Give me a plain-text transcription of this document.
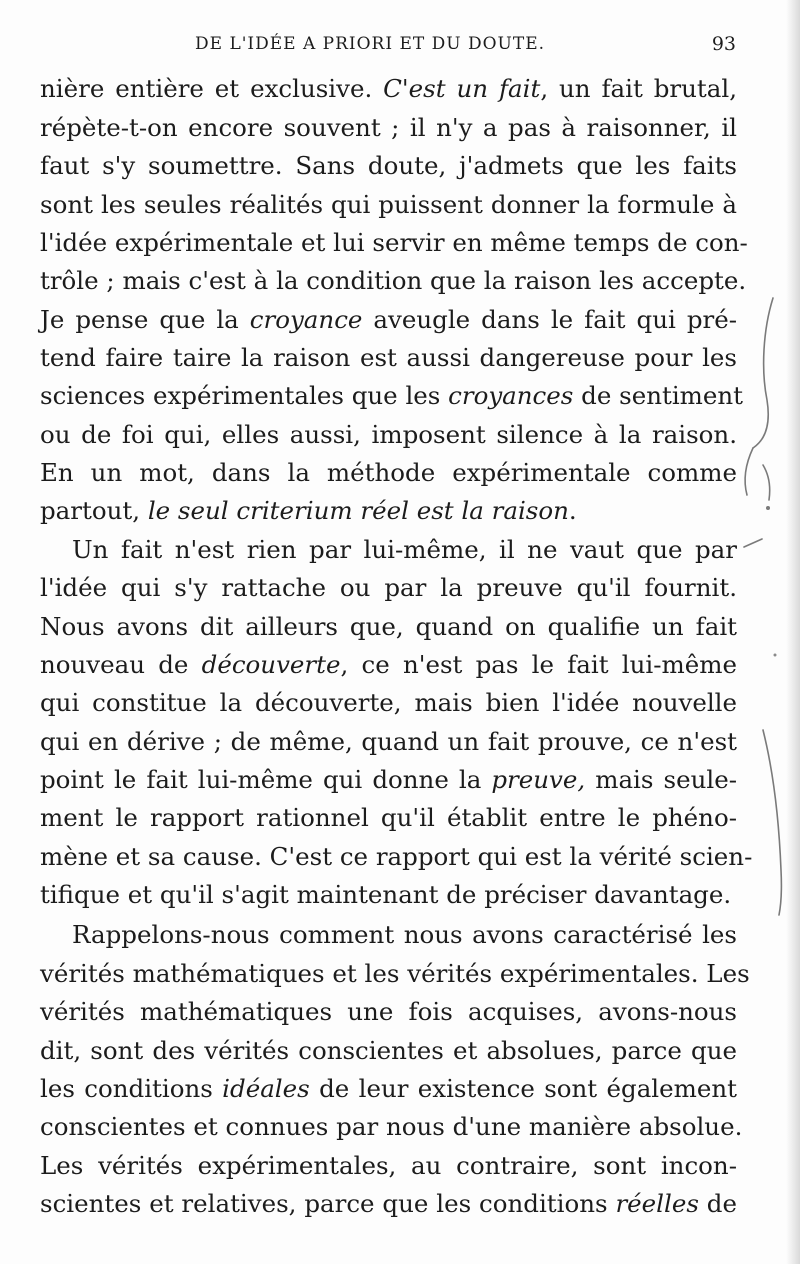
DE L'IDÉE A PRIORI ET DU DOUTE.	93
nière entière et exclusive. C'est un fait, un fait brutal,
répète-t-on encore souvent ; il n'y a pas à raisonner, il
faut s'y soumettre. Sans doute, j'admets que les faits
sont les seules réalités qui puissent donner la formule à
l'idée expérimentale et lui servir en même temps de con-
trôle ; mais c'est à la condition que la raison les accepte.
Je pense que la croyance aveugle dans le fait qui pré-
tend faire taire la raison est aussi dangereuse pour les
sciences expérimentales que les croyances de sentiment
ou de foi qui, elles aussi, imposent silence à la raison.
En un mot, dans la méthode expérimentale comme
partout, le seul criterium réel est la raison.
Un fait n'est rien par lui-même, il ne vaut que par
l'idée qui s'y rattache ou par la preuve qu'il fournit.
Nous avons dit ailleurs que, quand on qualifie un fait
nouveau de découverte, ce n'est pas le fait lui-même
qui constitue la découverte, mais bien l'idée nouvelle
qui en dérive ; de même, quand un fait prouve, ce n'est
point le fait lui-même qui donne la preuve, mais seule-
ment le rapport rationnel qu'il établit entre le phéno-
mène et sa cause. C'est ce rapport qui est la vérité scien-
tifique et qu'il s'agit maintenant de préciser davantage.
Rappelons-nous comment nous avons caractérisé les
vérités mathématiques et les vérités expérimentales. Les
vérités mathématiques une fois acquises, avons-nous
dit, sont des vérités conscientes et absolues, parce que
les conditions idéales de leur existence sont également
conscientes et connues par nous d'une manière absolue.
Les vérités expérimentales, au contraire, sont incon-
scientes et relatives, parce que les conditions réelles de
